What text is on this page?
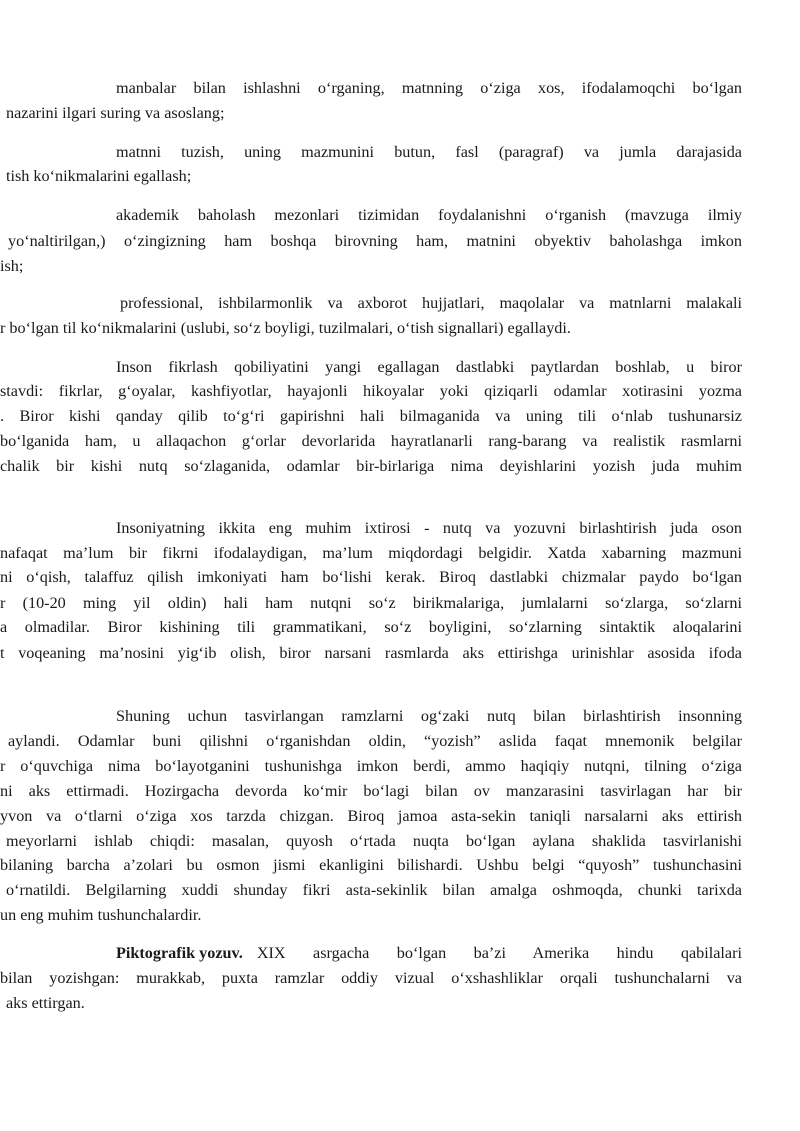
manbalar bilan ishlashni o‘rganing, matnning o‘ziga xos, ifodalamoqchi bo‘lgan
nazarini ilgari suring va asoslang;
matnni tuzish, uning mazmunini butun, fasl (paragraf) va jumla darajasida
tish ko‘nikmalarini egallash;
akademik baholash mezonlari tizimidan foydalanishni o‘rganish (mavzuga ilmiy
yo‘naltirilgan,) o‘zingizning ham boshqa birovning ham, matnini obyektiv baholashga imkon
ish;
professional, ishbilarmonlik va axborot hujjatlari, maqolalar va matnlarni malakali
r bo‘lgan til ko‘nikmalarini (uslubi, so‘z boyligi, tuzilmalari, o‘tish signallari) egallaydi.
Inson fikrlash qobiliyatini yangi egallagan dastlabki paytlardan boshlab, u biror
stavdi: fikrlar, g‘oyalar, kashfiyotlar, hayajonli hikoyalar yoki qiziqarli odamlar xotirasini yozma
. Biror kishi qanday qilib to‘g‘ri gapirishni hali bilmaganida va uning tili o‘nlab tushunarsiz
bo‘lganida ham, u allaqachon g‘orlar devorlarida hayratlanarli rang-barang va realistik rasmlarni
chalik bir kishi nutq so‘zlaganida, odamlar bir-birlariga nima deyishlarini yozish juda muhim
Insoniyatning ikkita eng muhim ixtirosi - nutq va yozuvni birlashtirish juda oson
nafaqat ma’lum bir fikrni ifodalaydigan, ma’lum miqdordagi belgidir. Xatda xabarning mazmuni
ni o‘qish, talaffuz qilish imkoniyati ham bo‘lishi kerak. Biroq dastlabki chizmalar paydo bo‘lgan
r (10-20 ming yil oldin) hali ham nutqni so‘z birikmalariga, jumlalarni so‘zlarga, so‘zlarni
a olmadilar. Biror kishining tili grammatikani, so‘z boyligini, so‘zlarning sintaktik aloqalarini
t voqeaning ma’nosini yig‘ib olish, biror narsani rasmlarda aks ettirishga urinishlar asosida ifoda
Shuning uchun tasvirlangan ramzlarni og‘zaki nutq bilan birlashtirish insonning
aylandi. Odamlar buni qilishni o‘rganishdan oldin, “yozish” aslida faqat mnemonik belgilar
r o‘quvchiga nima bo‘layotganini tushunishga imkon berdi, ammo haqiqiy nutqni, tilning o‘ziga
ni aks ettirmadi. Hozirgacha devorda ko‘mir bo‘lagi bilan ov manzarasini tasvirlagan har bir
yvon va o‘tlarni o‘ziga xos tarzda chizgan. Biroq jamoa asta-sekin taniqli narsalarni aks ettirish
meyorlarni ishlab chiqdi: masalan, quyosh o‘rtada nuqta bo‘lgan aylana shaklida tasvirlanishi
bilaning barcha a’zolari bu osmon jismi ekanligini bilishardi. Ushbu belgi “quyosh” tushunchasini
o‘rnatildi. Belgilarning xuddi shunday fikri asta-sekinlik bilan amalga oshmoqda, chunki tarixda
un eng muhim tushunchalardir.
Piktografik yozuv. XIX asrgacha bo‘lgan ba’zi Amerika hindu qabilalari
bilan yozishgan: murakkab, puxta ramzlar oddiy vizual o‘xshashliklar orqali tushunchalarni va
aks ettirgan.
